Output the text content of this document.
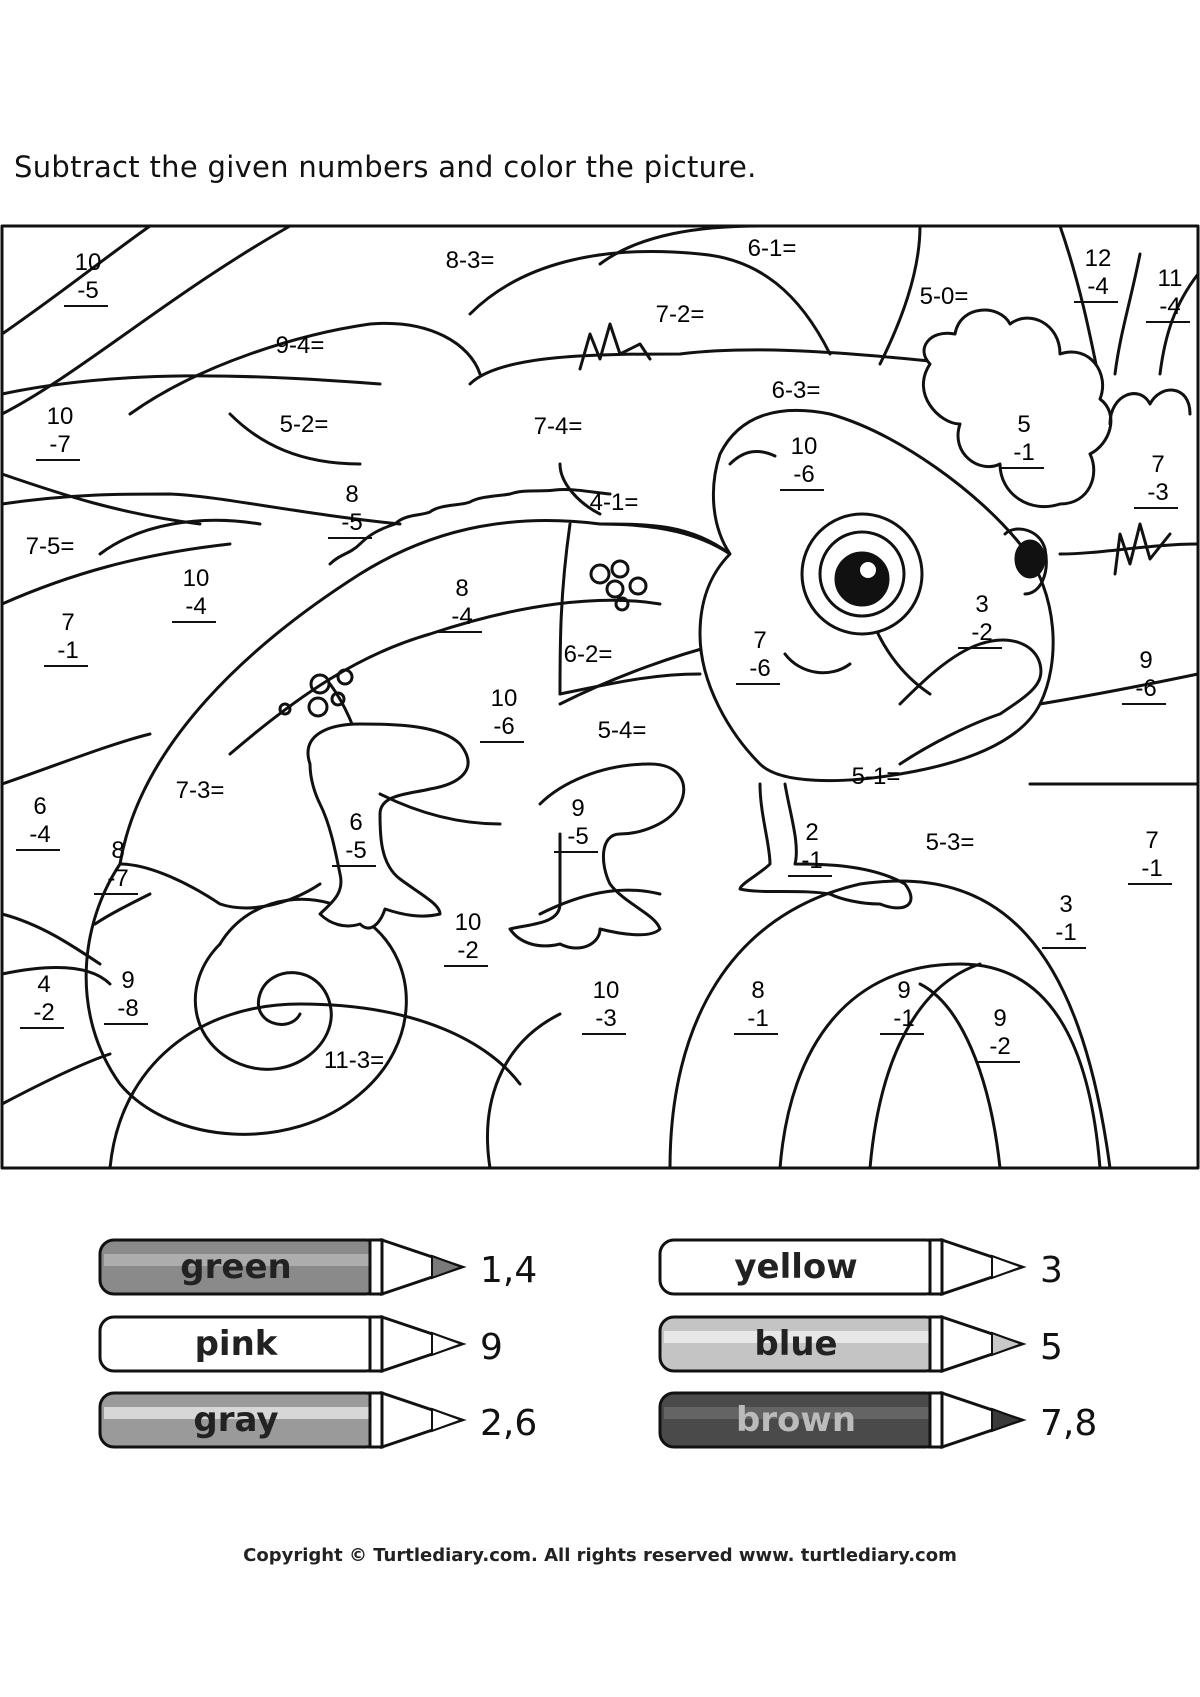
Subtract the given numbers and color the picture.
10
-5
8-3=	6-1=	12
-4 11
-4
5-0=
7-2=
9-4=
10
-7
5-2=	7-4=
6-3=
5
-1
10
-6	7
-3
8
-5
4-1=
7-5=
10
-4
8
-4
7
-1	6-2=
7
-6
3
-2
9
-6
10
-6	5-4=
5-1=
7-3=
6
-4	6
-5
9
-5	2
-1
5-3=	7
-1
8
-7
3
-1
10
-2
4
-2
9
-8
10
-3
8
-1
9
-1	9
-2
11-3=
green	1,4
pink	9
gray	2,6
yellow	3
blue	5
brown	7,8
Copyright © Turtlediary.com. All rights reserved www. turtlediary.com
